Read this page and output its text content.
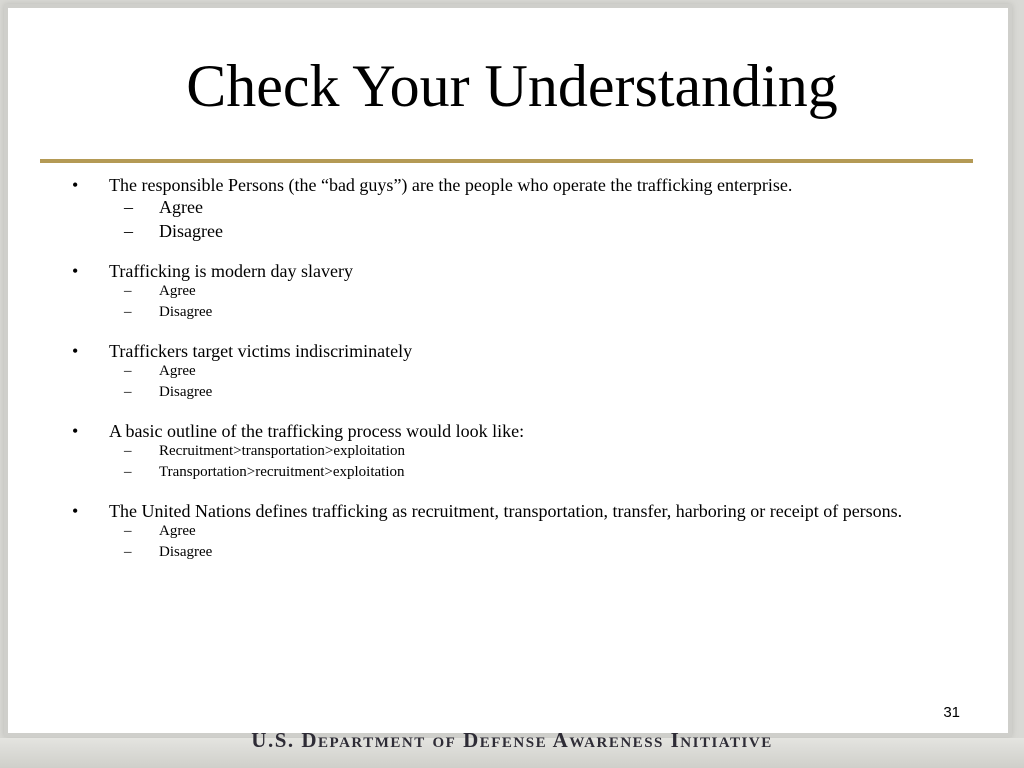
Check Your Understanding
•	The responsible Persons (the “bad guys”) are the people who operate the trafficking enterprise.
– Agree
– Disagree
•	Trafficking is modern day slavery
– Agree
– Disagree
•	Traffickers target victims indiscriminately
– Agree
– Disagree
•	A basic outline of the trafficking process would look like:
– Recruitment>transportation>exploitation
– Transportation>recruitment>exploitation
•	The United Nations defines trafficking as recruitment, transportation, transfer, harboring or receipt of persons.
– Agree
– Disagree
31
U.S. Department of Defense Awareness Initiative
